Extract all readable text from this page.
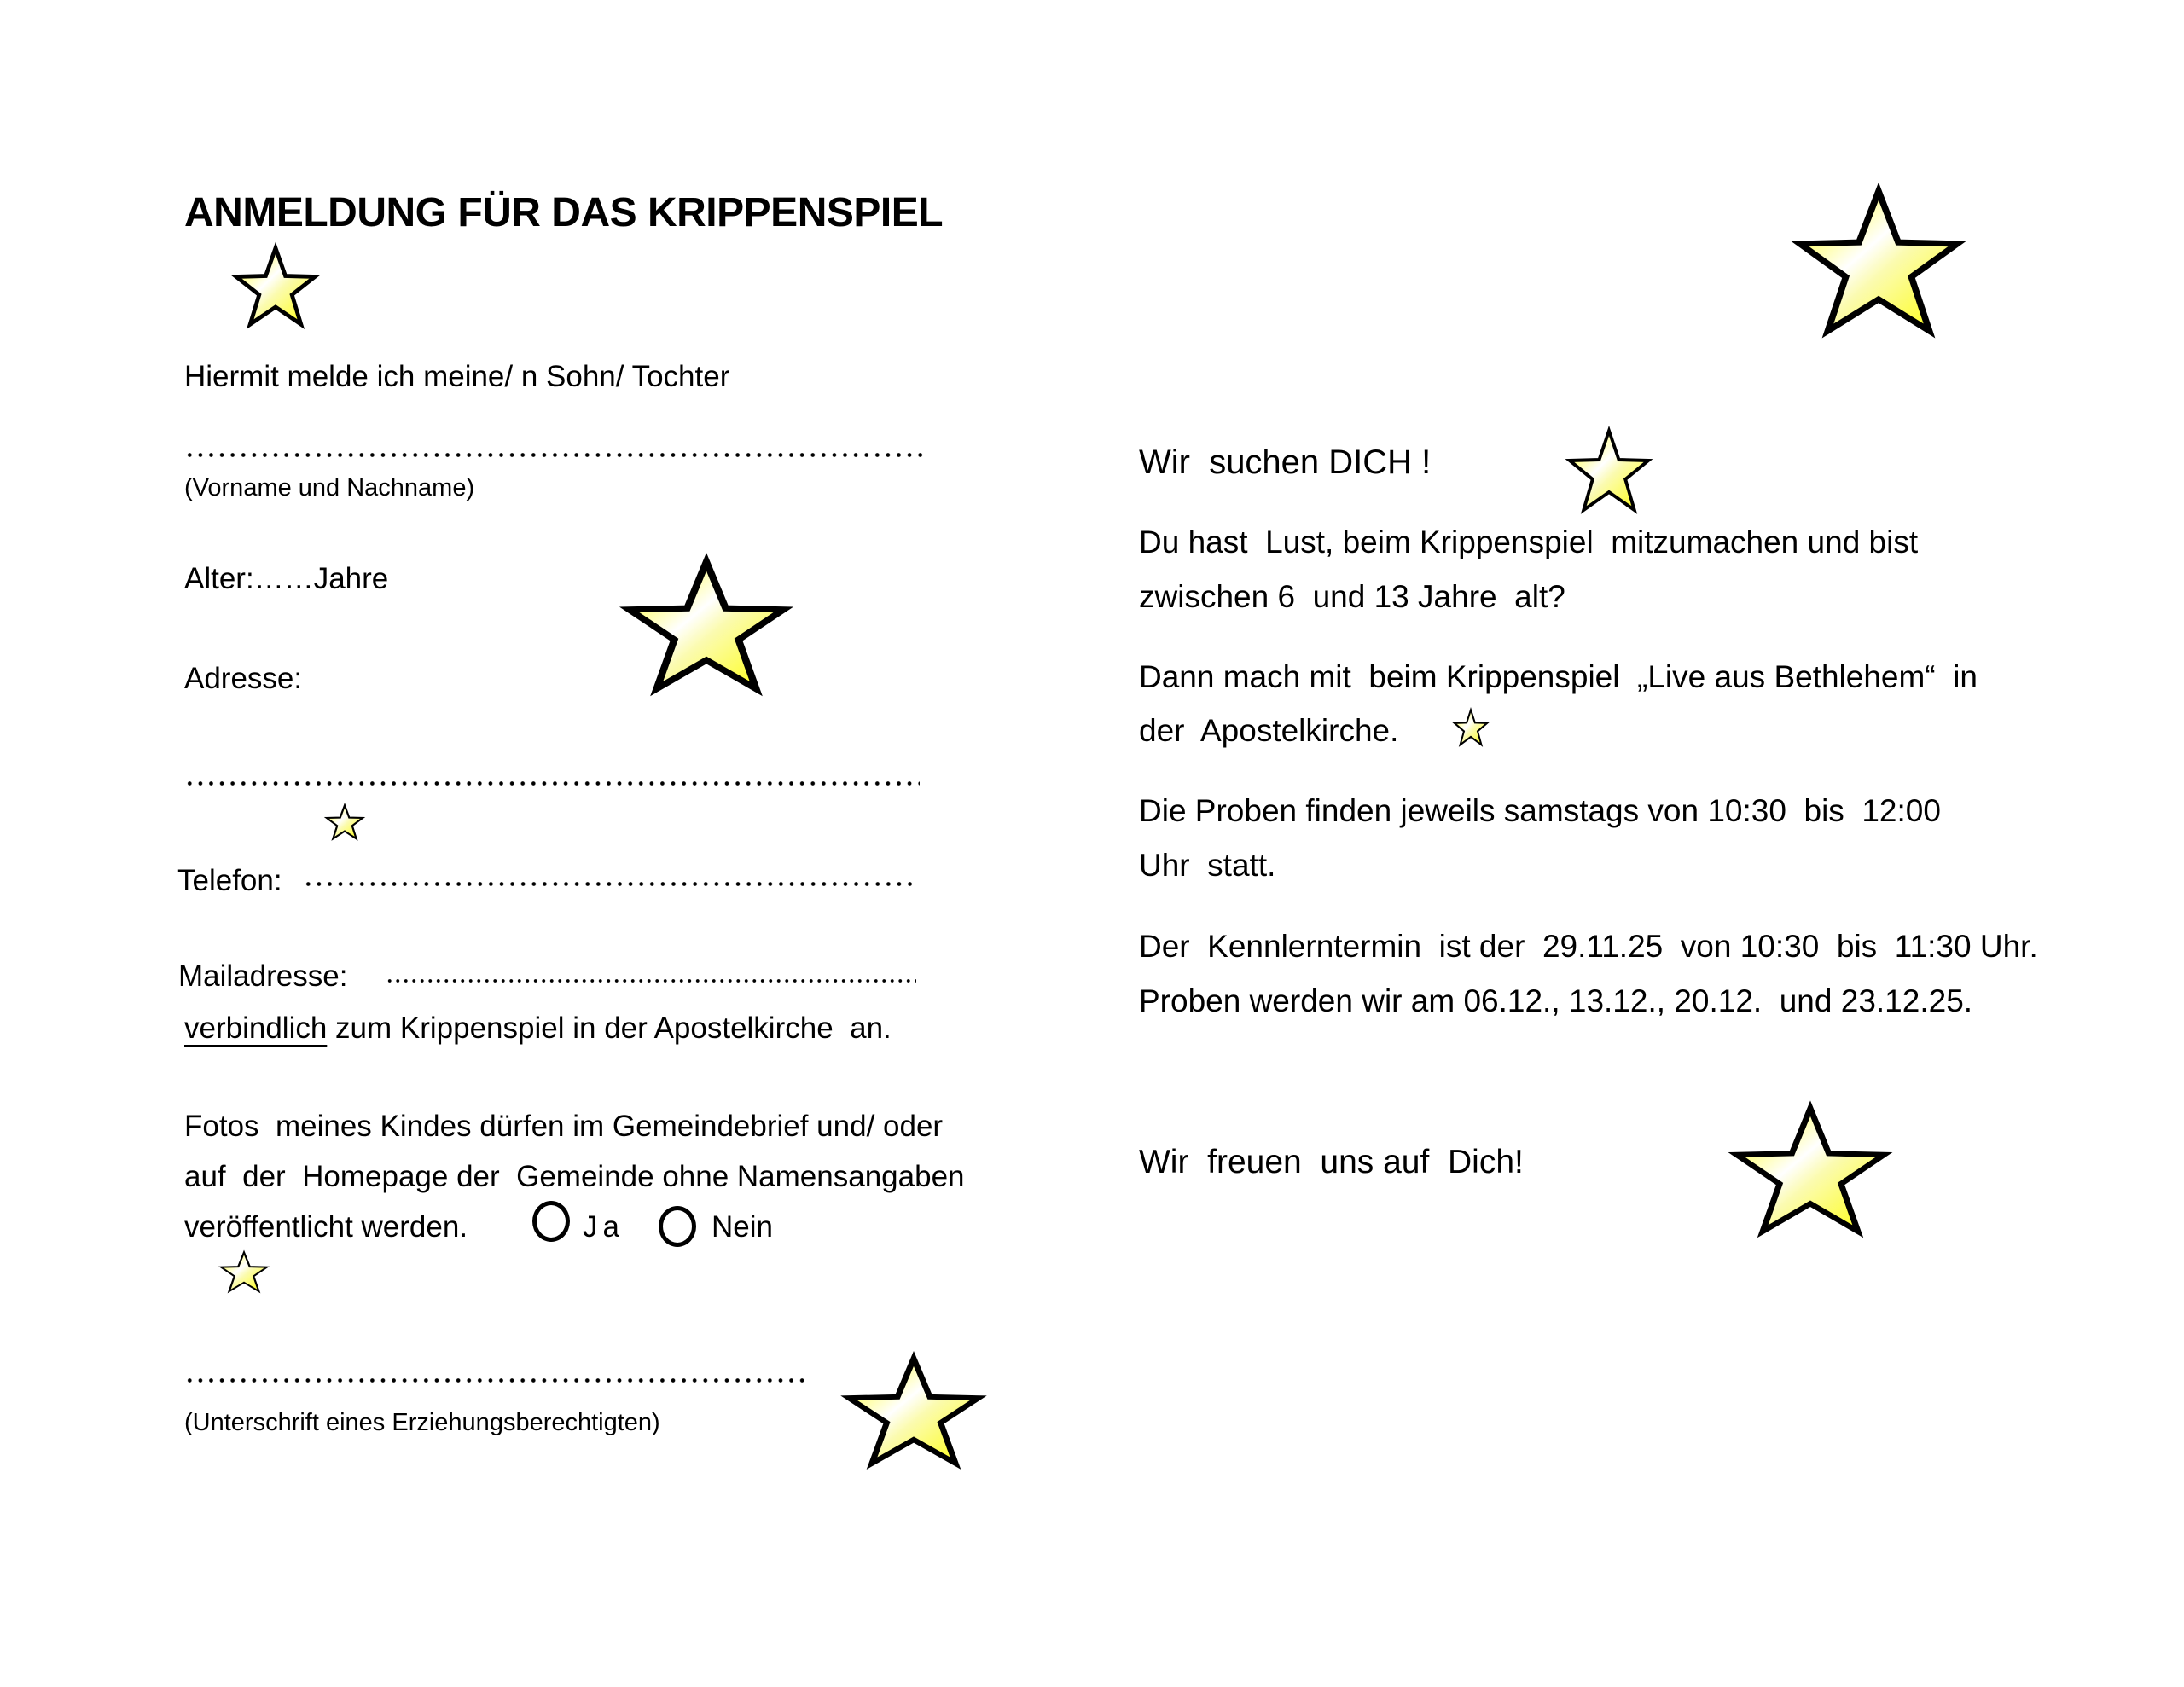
ANMELDUNG FÜR DAS KRIPPENSPIEL
Hiermit melde ich meine/ n Sohn/ Tochter
(Vorname und Nachname)
Alter:……Jahre
Adresse:
Telefon:
Mailadresse:
verbindlich zum Krippenspiel in der Apostelkirche  an.
Fotos  meines Kindes dürfen im Gemeindebrief und/ oder
auf  der  Homepage der  Gemeinde ohne Namensangaben
veröffentlicht werden.	Ja	Nein
(Unterschrift eines Erziehungsberechtigten)
Wir  suchen DICH !
Du hast  Lust, beim Krippenspiel  mitzumachen und bist
zwischen 6  und 13 Jahre  alt?
Dann mach mit  beim Krippenspiel  „Live aus Bethlehem“  in
der  Apostelkirche.
Die Proben finden jeweils samstags von 10:30  bis  12:00
Uhr  statt.
Der  Kennlerntermin  ist der  29.11.25  von 10:30  bis  11:30 Uhr.
Proben werden wir am 06.12., 13.12., 20.12.  und 23.12.25.
Wir  freuen  uns auf  Dich!
